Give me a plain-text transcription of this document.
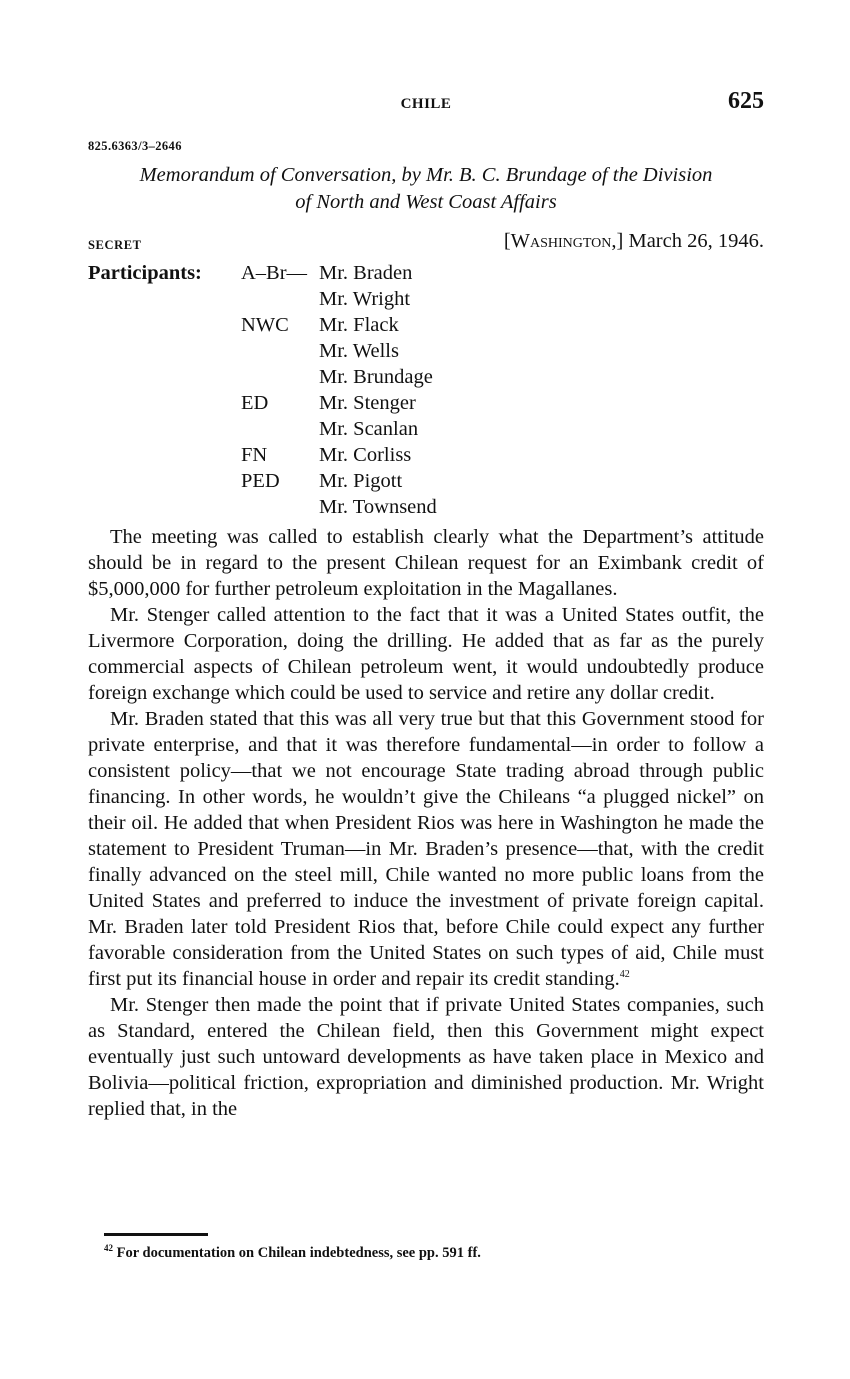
CHILE	625
825.6363/3–2646
Memorandum of Conversation, by Mr. B. C. Brundage of the Division
of North and West Coast Affairs
SECRET	[Washington,] March 26, 1946.
Participants: A–Br— Mr. Braden
Mr. Wright
NWC Mr. Flack
Mr. Wells
Mr. Brundage
ED Mr. Stenger
Mr. Scanlan
FN	Mr. Corliss
PED Mr. Pigott
Mr. Townsend

The meeting was called to establish clearly what the Department’s attitude should be in regard to the present Chilean request for an Eximbank credit of $5,000,000 for further petroleum exploitation in the Magallanes.

Mr. Stenger called attention to the fact that it was a United States outfit, the Livermore Corporation, doing the drilling. He added that as far as the purely commercial aspects of Chilean petroleum went, it would undoubtedly produce foreign exchange which could be used to service and retire any dollar credit.

Mr. Braden stated that this was all very true but that this Government stood for private enterprise, and that it was therefore fundamental—in order to follow a consistent policy—that we not encourage State trading abroad through public financing. In other words, he wouldn’t give the Chileans “a plugged nickel” on their oil. He added that when President Rios was here in Washington he made the statement to President Truman—in Mr. Braden’s presence—that, with the credit finally advanced on the steel mill, Chile wanted no more public loans from the United States and preferred to induce the investment of private foreign capital. Mr. Braden later told President Rios that, before Chile could expect any further favorable consideration from the United States on such types of aid, Chile must first put its financial house in order and repair its credit standing.$^{42}$

Mr. Stenger then made the point that if private United States companies, such as Standard, entered the Chilean field, then this Government might expect eventually just such untoward developments as have taken place in Mexico and Bolivia—political friction, expropriation and diminished production. Mr. Wright replied that, in the

$^{42}$ For documentation on Chilean indebtedness, see pp. 591 ff.
